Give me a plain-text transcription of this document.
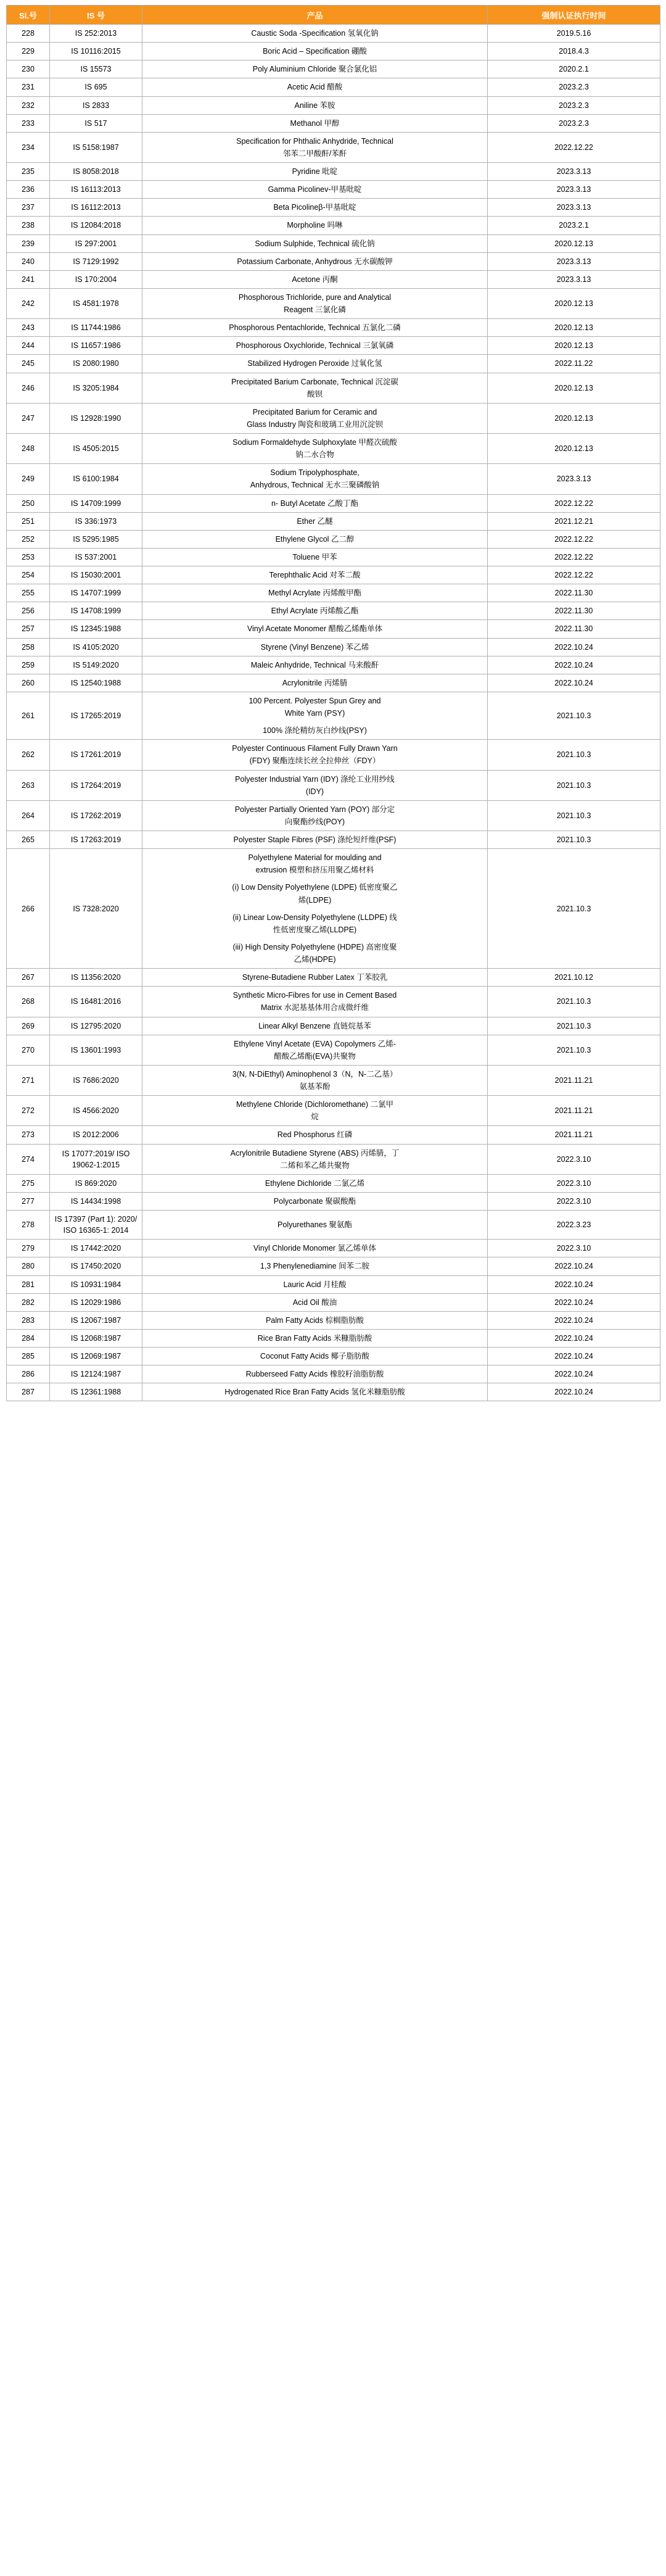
Sl.号	IS 号	产品	强制认证执行时间
228	IS 252:2013	Caustic Soda -Specification 氢氧化钠	2019.5.16
229	IS 10116:2015	Boric Acid – Specification 硼酸	2018.4.3
230	IS 15573	Poly Aluminium Chloride 聚合氯化铝	2020.2.1
231	IS 695	Acetic Acid 醋酸	2023.2.3
232	IS 2833	Aniline 苯胺	2023.2.3
233	IS 517	Methanol 甲醇	2023.2.3
234	IS 5158:1987	Specification for Phthalic Anhydride, Technical
邻苯二甲酸酐/苯酐	2022.12.22
235	IS 8058:2018	Pyridine 吡啶	2023.3.13
236	IS 16113:2013	Gamma Picolinev-甲基吡啶	2023.3.13
237	IS 16112:2013	Beta Picolineβ-甲基吡啶	2023.3.13
238	IS 12084:2018	Morpholine 吗啉	2023.2.1
239	IS 297:2001	Sodium Sulphide, Technical 硫化钠	2020.12.13
240	IS 7129:1992	Potassium Carbonate, Anhydrous 无水碳酸钾	2023.3.13
241	IS 170:2004	Acetone 丙酮	2023.3.13
242	IS 4581:1978	Phosphorous Trichloride, pure and Analytical
Reagent 三氯化磷	2020.12.13
243	IS 11744:1986	Phosphorous Pentachloride, Technical 五氯化二磷	2020.12.13
244	IS 11657:1986	Phosphorous Oxychloride, Technical 三氯氧磷	2020.12.13
245	IS 2080:1980	Stabilized Hydrogen Peroxide 过氧化氢	2022.11.22
246	IS 3205:1984	Precipitated Barium Carbonate, Technical 沉淀碳
酸钡	2020.12.13
247	IS 12928:1990	Precipitated Barium for Ceramic and
Glass Industry 陶瓷和玻璃工业用沉淀钡	2020.12.13
248	IS 4505:2015	Sodium Formaldehyde Sulphoxylate 甲醛次硫酸
钠二水合物	2020.12.13
249	IS 6100:1984	Sodium Tripolyphosphate,
Anhydrous, Technical 无水三聚磷酸钠	2023.3.13
250	IS 14709:1999	n- Butyl Acetate 乙酸丁酯	2022.12.22
251	IS 336:1973	Ether 乙醚	2021.12.21
252	IS 5295:1985	Ethylene Glycol 乙二醇	2022.12.22
253	IS 537:2001	Toluene 甲苯	2022.12.22
254	IS 15030:2001	Terephthalic Acid 对苯二酸	2022.12.22
255	IS 14707:1999	Methyl Acrylate 丙烯酸甲酯	2022.11.30
256	IS 14708:1999	Ethyl Acrylate 丙烯酸乙酯	2022.11.30
257	IS 12345:1988	Vinyl Acetate Monomer 醋酸乙烯酯单体	2022.11.30
258	IS 4105:2020	Styrene (Vinyl Benzene) 苯乙烯	2022.10.24
259	IS 5149:2020	Maleic Anhydride, Technical 马来酸酐	2022.10.24
260	IS 12540:1988	Acrylonitrile 丙烯腈	2022.10.24
261	IS 17265:2019	100 Percent. Polyester Spun Grey and
White Yarn (PSY)
100% 涤纶精纺灰白纱线(PSY)	2021.10.3
262	IS 17261:2019	Polyester Continuous Filament Fully Drawn Yarn
(FDY) 聚酯连续长丝全拉伸丝（FDY）	2021.10.3
263	IS 17264:2019	Polyester Industrial Yarn (IDY) 涤纶工业用纱线
(IDY)	2021.10.3
264	IS 17262:2019	Polyester Partially Oriented Yarn (POY) 部分定
向聚酯纱线(POY)	2021.10.3
265	IS 17263:2019	Polyester Staple Fibres (PSF) 涤纶短纤维(PSF)	2021.10.3
266	IS 7328:2020	
Polyethylene Material for moulding and
extrusion 模塑和挤压用聚乙烯材料
(i) Low Density Polyethylene (LDPE) 低密度聚乙
烯(LDPE)
(ii) Linear Low-Density Polyethylene (LLDPE) 线
性低密度聚乙烯(LLDPE)
(iii) High Density Polyethylene (HDPE) 高密度聚
乙烯(HDPE)
	2021.10.3
267	IS 11356:2020	Styrene-Butadiene Rubber Latex 丁苯胶乳	2021.10.12
268	IS 16481:2016	Synthetic Micro-Fibres for use in Cement Based
Matrix 水泥基基体用合成微纤维	2021.10.3
269	IS 12795:2020	Linear Alkyl Benzene 直链烷基苯	2021.10.3
270	IS 13601:1993	Ethylene Vinyl Acetate (EVA) Copolymers 乙烯-
醋酸乙烯酯(EVA)共聚物	2021.10.3
271	IS 7686:2020	3(N, N-DiEthyl) Aminophenol 3（N，N-二乙基）
氨基苯酚	2021.11.21
272	IS 4566:2020	Methylene Chloride (Dichloromethane) 二氯甲
烷	2021.11.21
273	IS 2012:2006	Red Phosphorus 红磷	2021.11.21
274	IS 17077:2019/ ISO 19062-1:2015	Acrylonitrile Butadiene Styrene (ABS) 丙烯腈，丁
二烯和苯乙烯共聚物	2022.3.10
275	IS 869:2020	Ethylene Dichloride 二氯乙烯	2022.3.10
277	IS 14434:1998	Polycarbonate 聚碳酸酯	2022.3.10
278	IS 17397 (Part 1): 2020/ ISO 16365-1: 2014	Polyurethanes 聚氨酯	2022.3.23
279	IS 17442:2020	Vinyl Chloride Monomer 氯乙烯单体	2022.3.10
280	IS 17450:2020	1,3 Phenylenediamine 间苯二胺	2022.10.24
281	IS 10931:1984	Lauric Acid 月桂酸	2022.10.24
282	IS 12029:1986	Acid Oil 酸油	2022.10.24
283	IS 12067:1987	Palm Fatty Acids 棕榈脂肪酸	2022.10.24
284	IS 12068:1987	Rice Bran Fatty Acids 米糠脂肪酸	2022.10.24
285	IS 12069:1987	Coconut Fatty Acids 椰子脂肪酸	2022.10.24
286	IS 12124:1987	Rubberseed Fatty Acids 橡胶籽油脂肪酸	2022.10.24
287	IS 12361:1988	Hydrogenated Rice Bran Fatty Acids 氢化米糠脂肪酸	2022.10.24
